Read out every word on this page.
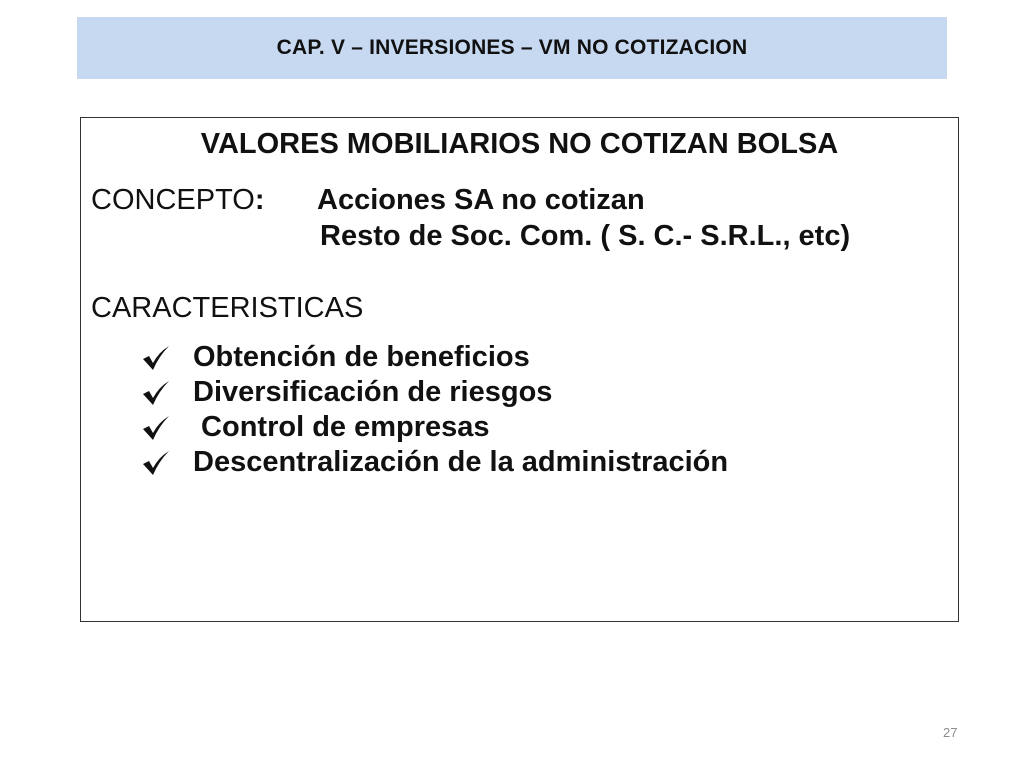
CAP. V – INVERSIONES – VM NO COTIZACION
VALORES MOBILIARIOS NO COTIZAN BOLSA
CONCEPTO: Acciones SA no cotizan
Resto de Soc. Com. ( S. C.- S.R.L., etc)
CARACTERISTICAS
Obtención de beneficios
Diversificación de riesgos
Control de empresas
Descentralización de la administración
27
